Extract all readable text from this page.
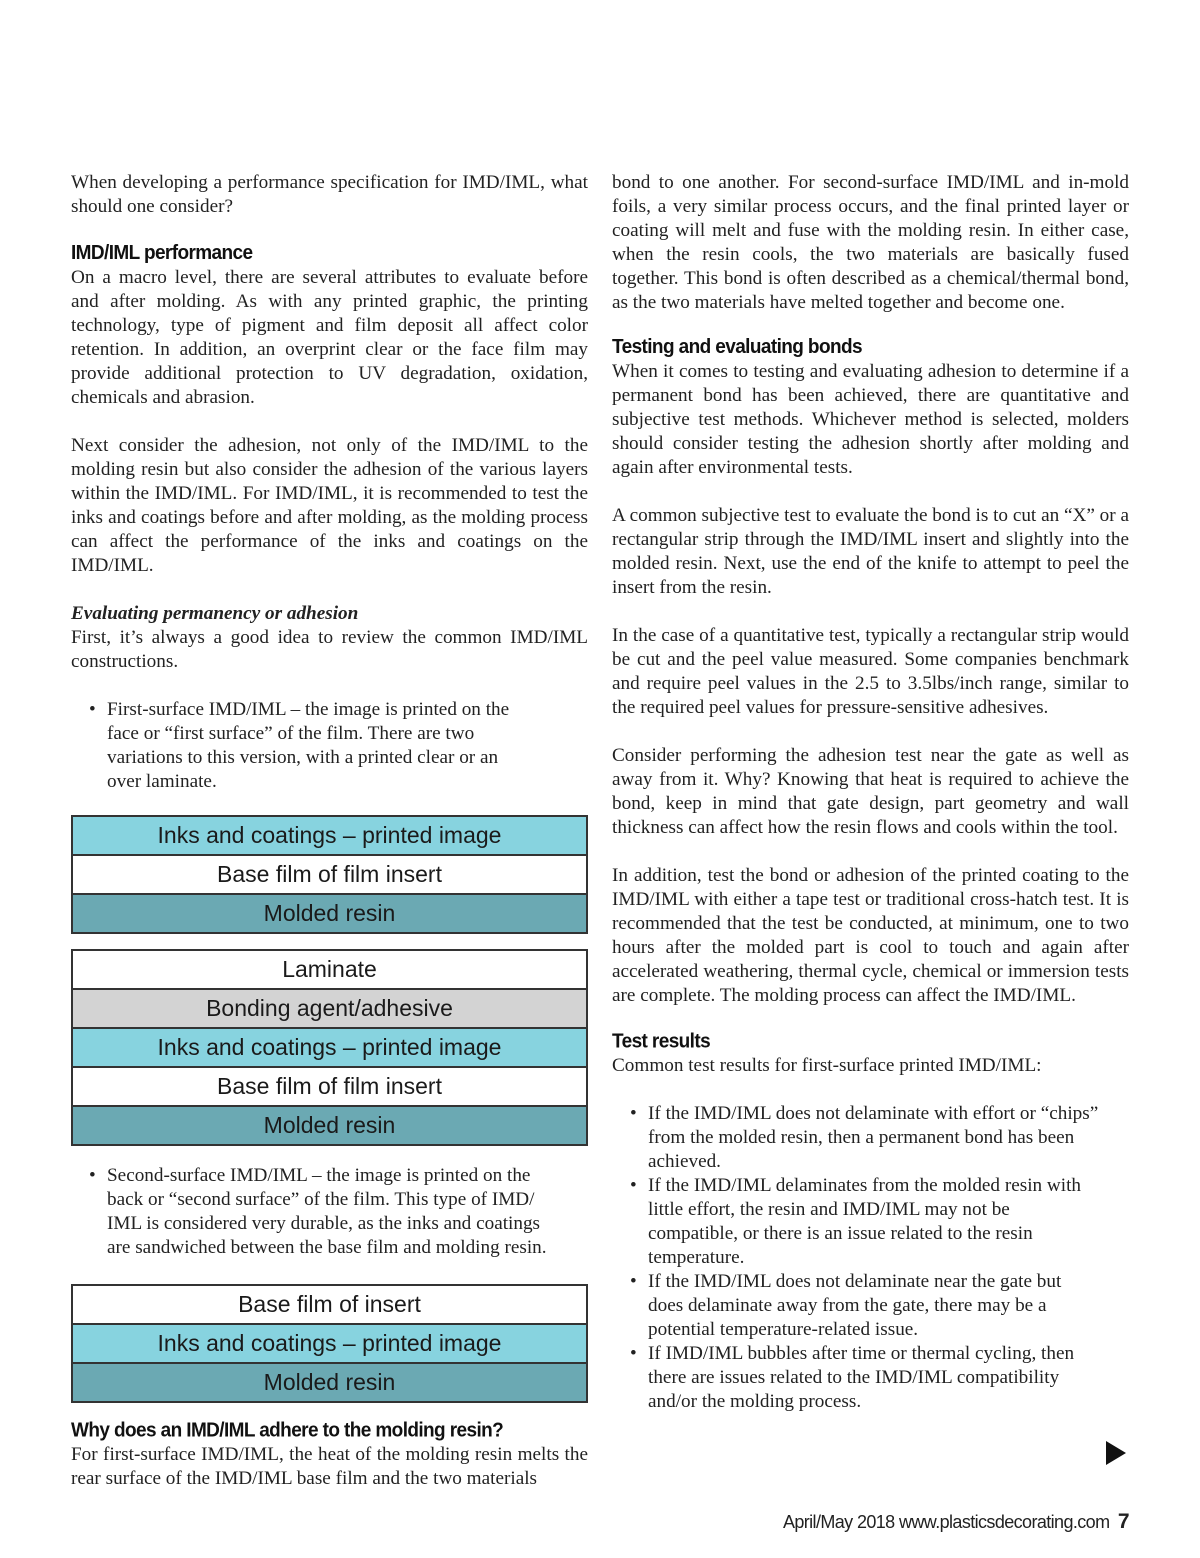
When developing a performance specification for IMD/IML, what should one consider?

IMD/IML performance

On a macro level, there are several attributes to evaluate before and after molding. As with any printed graphic, the printing technology, type of pigment and film deposit all affect color retention. In addition, an overprint clear or the face film may provide additional protection to UV degradation, oxidation, chemicals and abrasion.

Next consider the adhesion, not only of the IMD/IML to the molding resin but also consider the adhesion of the various layers within the IMD/IML. For IMD/IML, it is recommended to test the inks and coatings before and after molding, as the molding process can affect the performance of the inks and coatings on the IMD/IML.

Evaluating permanency or adhesion

First, it’s always a good idea to review the common IMD/IML constructions.

• First-surface IMD/IML – the image is printed on the face or “first surface” of the film. There are two variations to this version, with a printed clear or an over laminate.
Inks and coatings – printed image
Base film of film insert
Molded resin
Laminate
Bonding agent/adhesive
Inks and coatings – printed image
Base film of film insert
Molded resin
• Second-surface IMD/IML – the image is printed on the back or “second surface” of the film. This type of IMD/ IML is considered very durable, as the inks and coatings are sandwiched between the base film and molding resin.
Base film of insert
Inks and coatings – printed image
Molded resin
Why does an IMD/IML adhere to the molding resin?

For first-surface IMD/IML, the heat of the molding resin melts the rear surface of the IMD/IML base film and the two materials

bond to one another. For second-surface IMD/IML and in-mold foils, a very similar process occurs, and the final printed layer or coating will melt and fuse with the molding resin. In either case, when the resin cools, the two materials are basically fused together. This bond is often described as a chemical/thermal bond, as the two materials have melted together and become one.

Testing and evaluating bonds

When it comes to testing and evaluating adhesion to determine if a permanent bond has been achieved, there are quantitative and subjective test methods. Whichever method is selected, molders should consider testing the adhesion shortly after molding and again after environmental tests.

A common subjective test to evaluate the bond is to cut an “X” or a rectangular strip through the IMD/IML insert and slightly into the molded resin. Next, use the end of the knife to attempt to peel the insert from the resin.

In the case of a quantitative test, typically a rectangular strip would be cut and the peel value measured. Some companies benchmark and require peel values in the 2.5 to 3.5lbs/inch range, similar to the required peel values for pressure-sensitive adhesives.

Consider performing the adhesion test near the gate as well as away from it. Why? Knowing that heat is required to achieve the bond, keep in mind that gate design, part geometry and wall thickness can affect how the resin flows and cools within the tool.

In addition, test the bond or adhesion of the printed coating to the IMD/IML with either a tape test or traditional cross-hatch test. It is recommended that the test be conducted, at minimum, one to two hours after the molded part is cool to touch and again after accelerated weathering, thermal cycle, chemical or immersion tests are complete. The molding process can affect the IMD/IML.

Test results

Common test results for first-surface printed IMD/IML:

• If the IMD/IML does not delaminate with effort or “chips” from the molded resin, then a permanent bond has been achieved.
• If the IMD/IML delaminates from the molded resin with little effort, the resin and IMD/IML may not be compatible, or there is an issue related to the resin temperature.
• If the IMD/IML does not delaminate near the gate but does delaminate away from the gate, there may be a potential temperature-related issue.
• If IMD/IML bubbles after time or thermal cycling, then there are issues related to the IMD/IML compatibility and/or the molding process.
April/May 2018 www.plasticsdecorating.com 7
